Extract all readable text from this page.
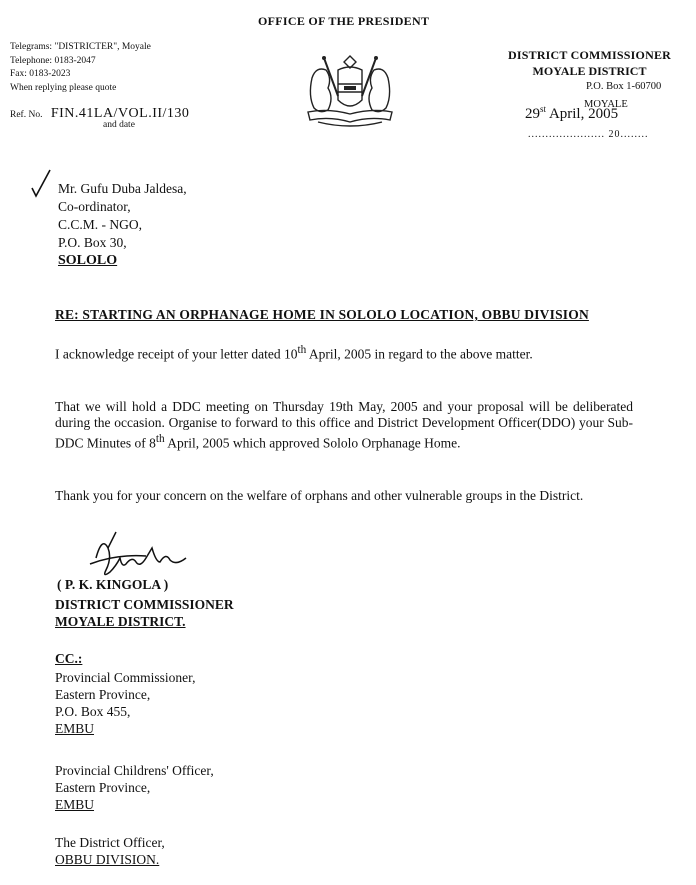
OFFICE OF THE PRESIDENT
Telegrams: "DISTRICTER", Moyale
Telephone: 0183-2047
Fax: 0183-2023
When replying please quote
Ref. No. FIN.41LA/VOL.II/130
and date
DISTRICT COMMISSIONER
MOYALE DISTRICT
P.O. Box 1-60700
MOYALE
29st April, 2005
...................... 20........
Mr. Gufu Duba Jaldesa,
Co-ordinator,
C.C.M. - NGO,
P.O. Box 30,
SOLOLO
RE: STARTING AN ORPHANAGE HOME IN SOLOLO LOCATION, OBBU DIVISION
I acknowledge receipt of your letter dated 10th April, 2005 in regard to the above matter.
That we will hold a DDC meeting on Thursday 19th May, 2005 and your proposal will be deliberated during the occasion. Organise to forward to this office and District Development Officer(DDO) your Sub-DDC Minutes of 8th April, 2005 which approved Sololo Orphanage Home.
Thank you for your concern on the welfare of orphans and other vulnerable groups in the District.
( P. K. KINGOLA )
DISTRICT COMMISSIONER
MOYALE DISTRICT.
CC.:
Provincial Commissioner,
Eastern Province,
P.O. Box 455,
EMBU
Provincial Childrens' Officer,
Eastern Province,
EMBU
The District Officer,
OBBU DIVISION.
